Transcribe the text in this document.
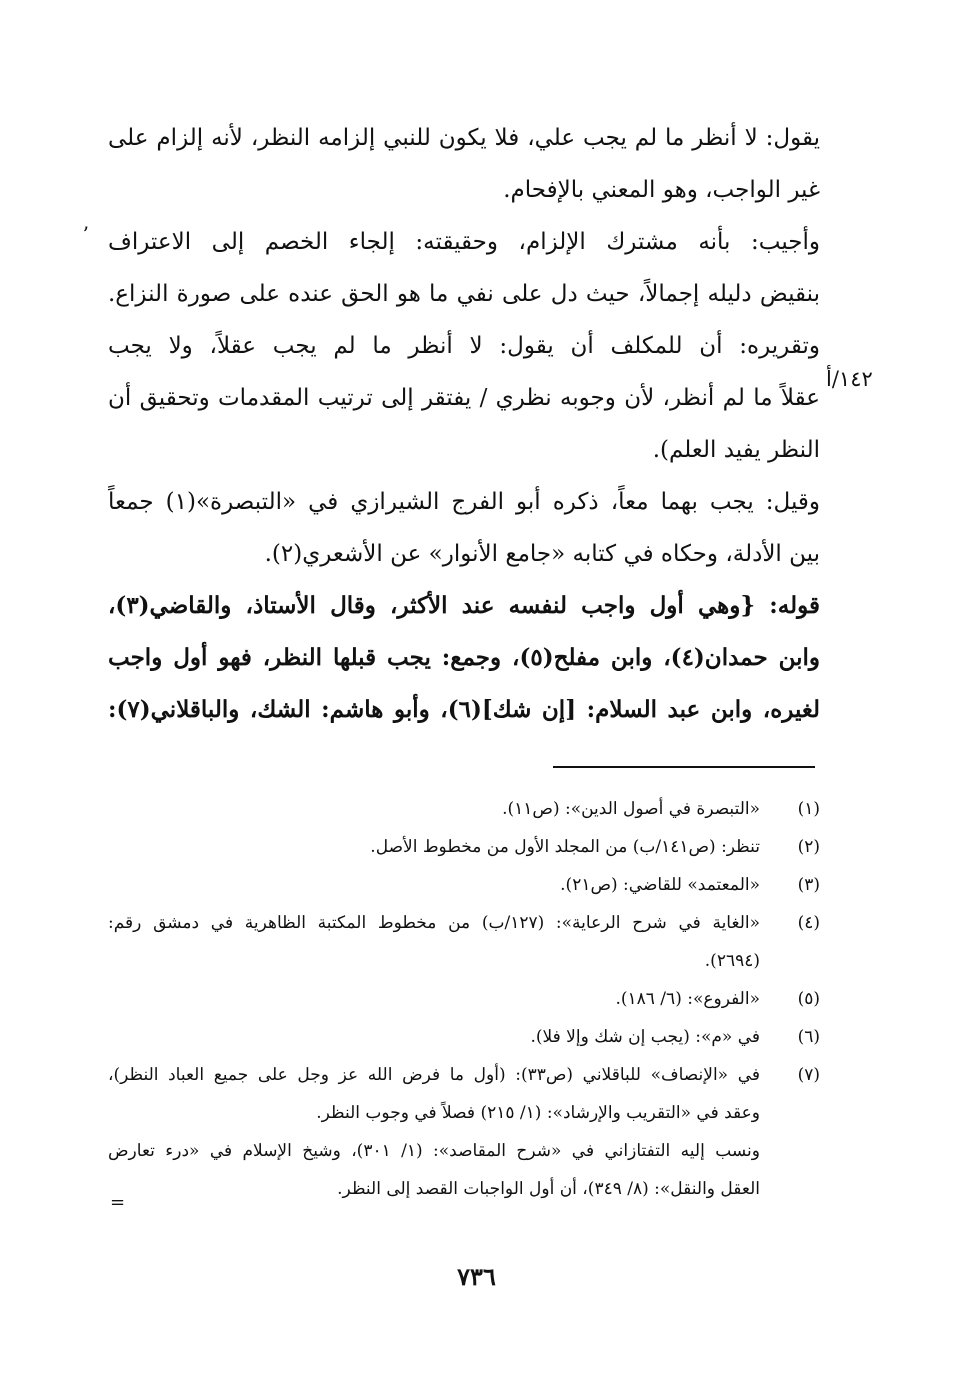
يقول: لا أنظر ما لم يجب علي، فلا يكون للنبي إلزامه النظر، لأنه إلزام على
غير الواجب، وهو المعني بالإفحام.
وأجيب: بأنه مشترك الإلزام، وحقيقته: إلجاء الخصم إلى الاعتراف
بنقيض دليله إجمالاً، حيث دل على نفي ما هو الحق عنده على صورة النزاع.
وتقريره: أن للمكلف أن يقول: لا أنظر ما لم يجب عقلاً، ولا يجب
عقلاً ما لم أنظر، لأن وجوبه نظري / يفتقر إلى ترتيب المقدمات وتحقيق أن
النظر يفيد العلم).
وقيل: يجب بهما معاً، ذكره أبو الفرج الشيرازي في «التبصرة»(١) جمعاً
بين الأدلة، وحكاه في كتابه «جامع الأنوار» عن الأشعري(٢).
قوله: {وهي أول واجب لنفسه عند الأكثر، وقال الأستاذ، والقاضي(٣)،
وابن حمدان(٤)، وابن مفلح(٥)، وجمع: يجب قبلها النظر، فهو أول واجب
لغيره، وابن عبد السلام: [إن شك](٦)، وأبو هاشم: الشك، والباقلاني(٧):
١٤٢/أ
ʼ
(١)
«التبصرة في أصول الدين»: (ص١١).
(٢)
تنظر: (ص١٤١/ب) من المجلد الأول من مخطوط الأصل.
(٣)
«المعتمد» للقاضي: (ص٢١).
(٤)
«الغاية في شرح الرعاية»: (١٢٧/ب) من مخطوط المكتبة الظاهرية في دمشق رقم:
(٢٦٩٤).
(٥)
«الفروع»: (٦/ ١٨٦).
(٦)
في «م»: (يجب إن شك وإلا فلا).
(٧)
في «الإنصاف» للباقلاني (ص٣٣): (أول ما فرض الله عز وجل على جميع العباد النظر)،
وعقد في «التقريب والإرشاد»: (١/ ٢١٥) فصلاً في وجوب النظر.
ونسب إليه التفتازاني في «شرح المقاصد»: (١/ ٣٠١)، وشيخ الإسلام في «درء تعارض
العقل والنقل»: (٨/ ٣٤٩)، أن أول الواجبات القصد إلى النظر.
=
٧٣٦
